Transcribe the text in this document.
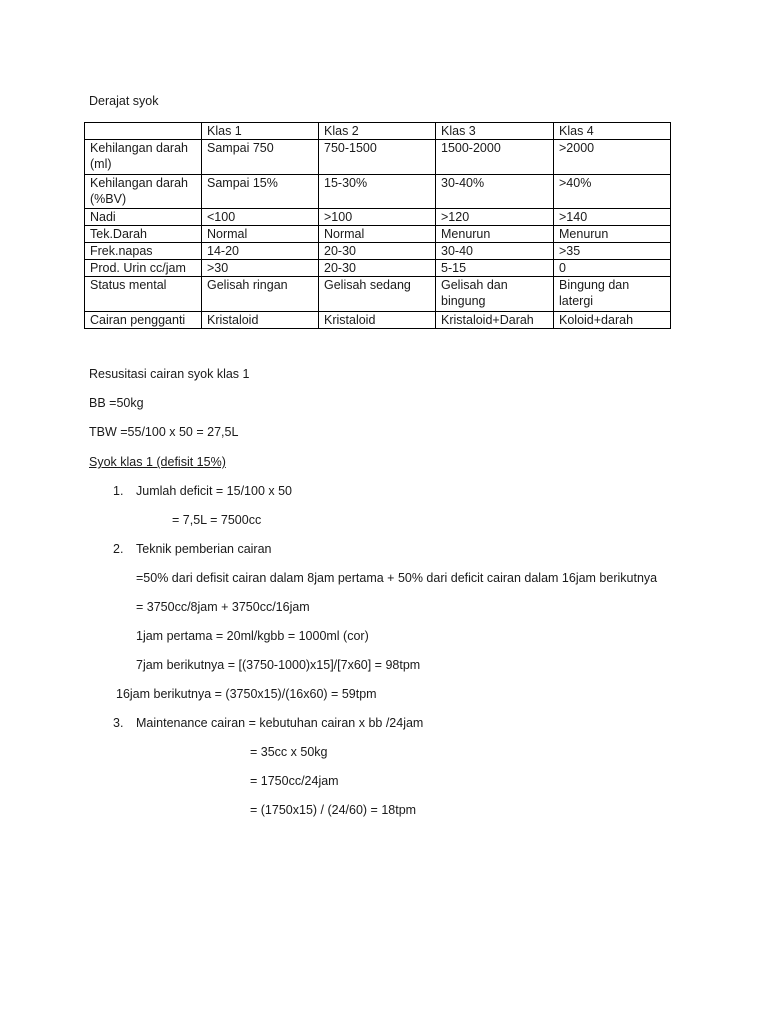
Derajat syok
	Klas 1	Klas 2	Klas 3	Klas 4
Kehilangan darah (ml)	Sampai 750	750-1500	1500-2000	>2000
Kehilangan darah (%BV)	Sampai 15%	15-30%	30-40%	>40%
Nadi	<100	>100	>120	>140
Tek.Darah	Normal	Normal	Menurun	Menurun
Frek.napas	14-20	20-30	30-40	>35
Prod. Urin cc/jam	>30	20-30	5-15	0
Status mental	Gelisah ringan	Gelisah sedang	Gelisah dan bingung	Bingung dan latergi
Cairan pengganti	Kristaloid	Kristaloid	Kristaloid+Darah	Koloid+darah
Resusitasi cairan syok klas 1
BB =50kg
TBW =55/100 x 50 = 27,5L
Syok klas 1 (defisit 15%)
1. Jumlah deficit = 15/100 x 50
= 7,5L = 7500cc
2. Teknik pemberian cairan
=50% dari defisit cairan dalam 8jam pertama + 50% dari deficit cairan dalam 16jam berikutnya
= 3750cc/8jam + 3750cc/16jam
1jam pertama = 20ml/kgbb = 1000ml (cor)
7jam berikutnya = [(3750-1000)x15]/[7x60] = 98tpm
16jam berikutnya = (3750x15)/(16x60) = 59tpm
3. Maintenance cairan = kebutuhan cairan x bb /24jam
= 35cc x 50kg
= 1750cc/24jam
= (1750x15) / (24/60) = 18tpm
